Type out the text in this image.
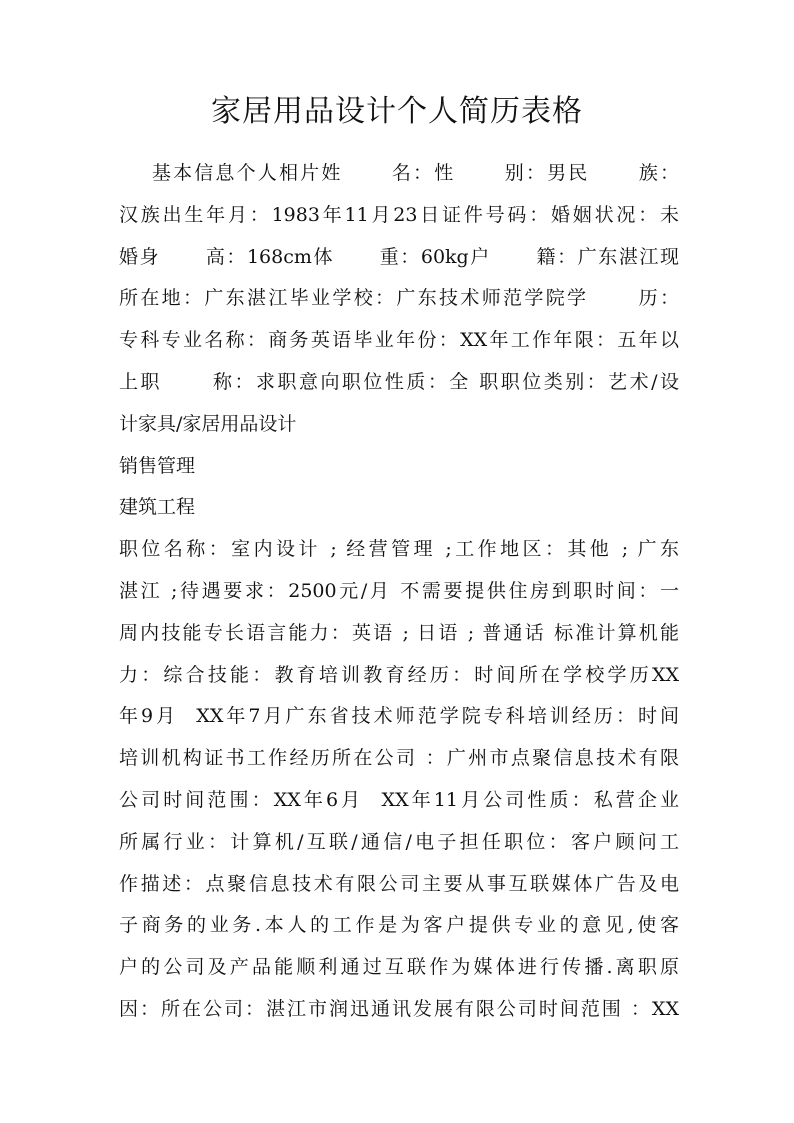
家居用品设计个人简历表格
基本信息个人相片姓      名：性      别：男民      族：
汉族出生年月：1983年11月23日证件号码：婚姻状况：未
婚身      高：168cm体      重：60kg户      籍：广东湛江现
所在地：广东湛江毕业学校：广东技术师范学院学      历：
专科专业名称：商务英语毕业年份：XX年工作年限：五年以
上职      称：求职意向职位性质：全 职职位类别：艺术/设
计家具/家居用品设计
销售管理
建筑工程
职位名称：室内设计 ; 经营管理 ;工作地区：其他 ; 广东
湛江 ;待遇要求：2500元/月 不需要提供住房到职时间：一
周内技能专长语言能力：英语 ; 日语 ; 普通话 标准计算机能
力：综合技能：教育培训教育经历：时间所在学校学历XX
年9月  XX年7月广东省技术师范学院专科培训经历：时间
培训机构证书工作经历所在公司 ：广州市点聚信息技术有限
公司时间范围：XX年6月  XX年11月公司性质：私营企业
所属行业：计算机/互联/通信/电子担任职位：客户顾问工
作描述：点聚信息技术有限公司主要从事互联媒体广告及电
子商务的业务.本人的工作是为客户提供专业的意见,使客
户的公司及产品能顺利通过互联作为媒体进行传播.离职原
因：所在公司：湛江市润迅通讯发展有限公司时间范围 ：XX
